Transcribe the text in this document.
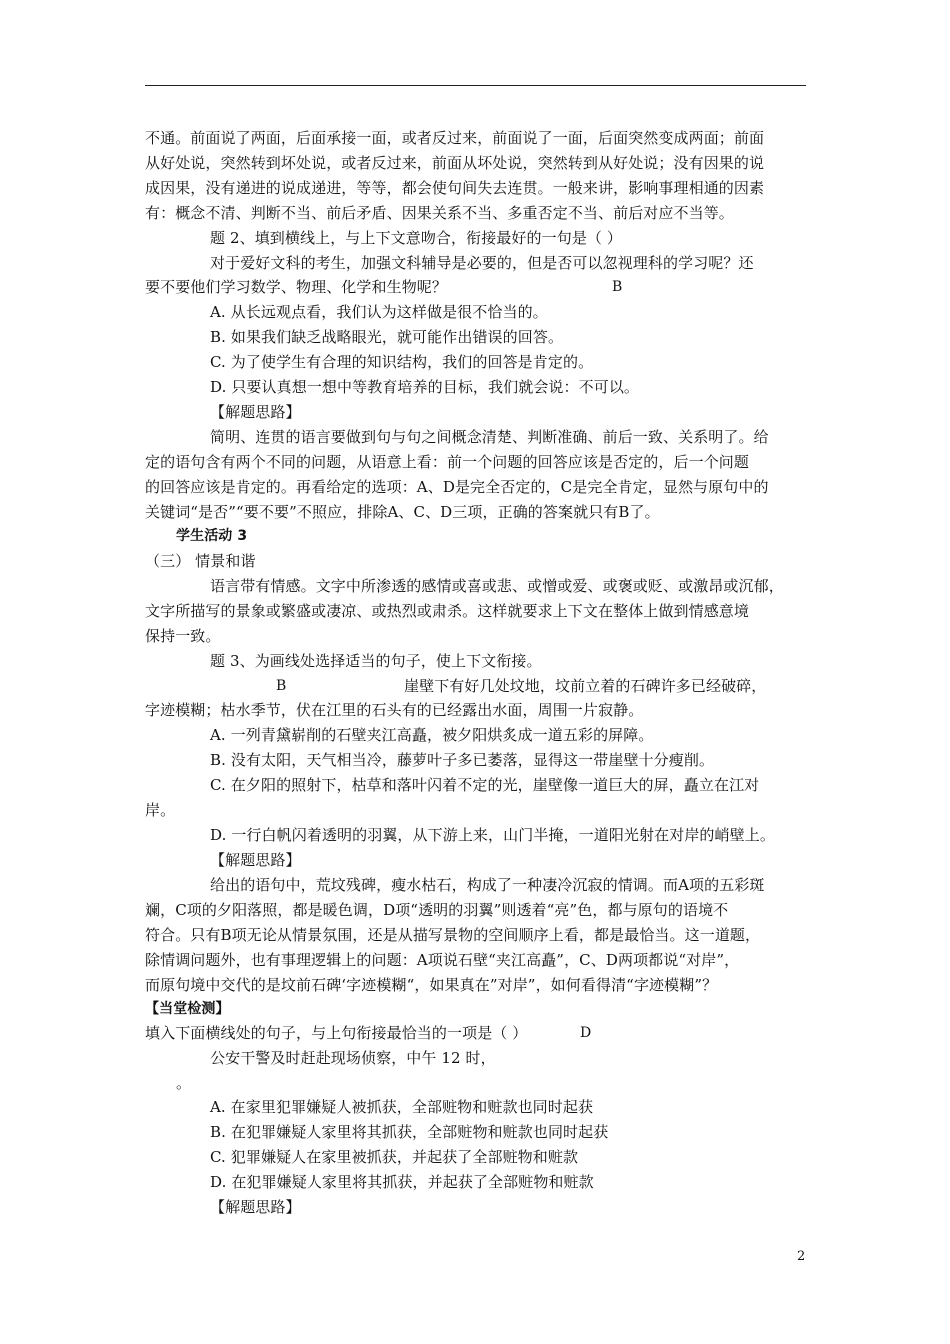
不通。前面说了两面，后面承接一面，或者反过来，前面说了一面，后面突然变成两面；前面
从好处说，突然转到坏处说，或者反过来，前面从坏处说，突然转到从好处说；没有因果的说
成因果，没有递进的说成递进，等等，都会使句间失去连贯。一般来讲，影响事理相通的因素
有：概念不清、判断不当、前后矛盾、因果关系不当、多重否定不当、前后对应不当等。
题 2、填到横线上，与上下文意吻合，衔接最好的一句是（ ）
对于爱好文科的考生，加强文科辅导是必要的，但是否可以忽视理科的学习呢？还
要不要他们学习数学、物理、化学和生物呢？	B
A. 从长远观点看，我们认为这样做是很不恰当的。
B. 如果我们缺乏战略眼光，就可能作出错误的回答。
C. 为了使学生有合理的知识结构，我们的回答是肯定的。
D. 只要认真想一想中等教育培养的目标，我们就会说：不可以。
【解题思路】
简明、连贯的语言要做到句与句之间概念清楚、判断准确、前后一致、关系明了。给
定的语句含有两个不同的问题，从语意上看：前一个问题的回答应该是否定的，后一个问题
的回答应该是肯定的。再看给定的选项：A、D是完全否定的，C是完全肯定，显然与原句中的
关键词“是否”“要不要”不照应，排除A、C、D三项，正确的答案就只有B了。
学生活动 3
（三） 情景和谐
语言带有情感。文字中所渗透的感情或喜或悲、或憎或爱、或褒或贬、或激昂或沉郁，
文字所描写的景象或繁盛或凄凉、或热烈或肃杀。这样就要求上下文在整体上做到情感意境
保持一致。
题 3、为画线处选择适当的句子，使上下文衔接。
B	崖壁下有好几处坟地，坟前立着的石碑许多已经破碎，
字迹模糊；枯水季节，伏在江里的石头有的已经露出水面，周围一片寂静。
A. 一列青黛崭削的石壁夹江高矗，被夕阳烘炙成一道五彩的屏障。
B. 没有太阳，天气相当冷，藤萝叶子多已萎落，显得这一带崖壁十分瘦削。
C. 在夕阳的照射下，枯草和落叶闪着不定的光，崖壁像一道巨大的屏，矗立在江对
岸。
D. 一行白帆闪着透明的羽翼，从下游上来，山门半掩，一道阳光射在对岸的峭壁上。
【解题思路】
给出的语句中，荒坟残碑，瘦水枯石，构成了一种凄冷沉寂的情调。而A项的五彩斑
斓，C项的夕阳落照，都是暖色调，D项“透明的羽翼”则透着“亮”色，都与原句的语境不
符合。只有B项无论从情景氛围，还是从描写景物的空间顺序上看，都是最恰当。这一道题，
除情调问题外，也有事理逻辑上的问题：A项说石壁“夹江高矗”，C、D两项都说“对岸”，
而原句境中交代的是坟前石碑‘字迹模糊“，如果真在”对岸”，如何看得清“字迹模糊”？
【当堂检测】
填入下面横线处的句子，与上句衔接最恰当的一项是（ ）	D
公安干警及时赶赴现场侦察，中午 12 时，
。
A. 在家里犯罪嫌疑人被抓获，全部赃物和赃款也同时起获
B. 在犯罪嫌疑人家里将其抓获，全部赃物和赃款也同时起获
C. 犯罪嫌疑人在家里被抓获，并起获了全部赃物和赃款
D. 在犯罪嫌疑人家里将其抓获，并起获了全部赃物和赃款
【解题思路】
2
